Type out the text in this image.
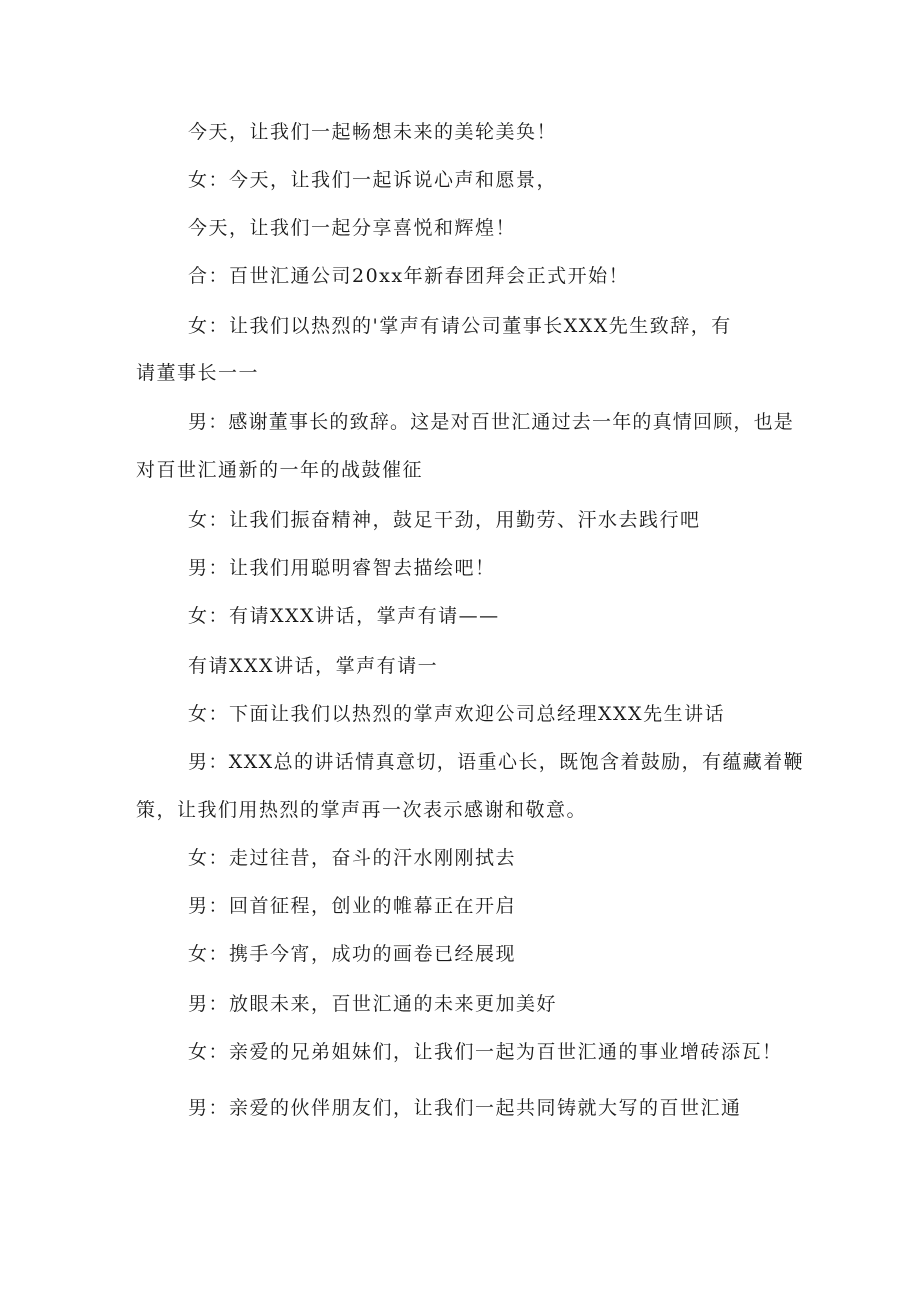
今天，让我们一起畅想未来的美轮美奂！
女：今天，让我们一起诉说心声和愿景，
今天，让我们一起分享喜悦和辉煌！
合：百世汇通公司20xx年新春团拜会正式开始！
女：让我们以热烈的'掌声有请公司董事长XXX先生致辞，有
请董事长一一
男：感谢董事长的致辞。这是对百世汇通过去一年的真情回顾，也是
对百世汇通新的一年的战鼓催征
女：让我们振奋精神，鼓足干劲，用勤劳、汗水去践行吧
男：让我们用聪明睿智去描绘吧！
女：有请XXX讲话，掌声有请——
有请XXX讲话，掌声有请一
女：下面让我们以热烈的掌声欢迎公司总经理XXX先生讲话
男：XXX总的讲话情真意切，语重心长，既饱含着鼓励，有蕴藏着鞭
策，让我们用热烈的掌声再一次表示感谢和敬意。
女：走过往昔，奋斗的汗水刚刚拭去
男：回首征程，创业的帷幕正在开启
女：携手今宵，成功的画卷已经展现
男：放眼未来，百世汇通的未来更加美好
女：亲爱的兄弟姐妹们，让我们一起为百世汇通的事业增砖添瓦！
男：亲爱的伙伴朋友们，让我们一起共同铸就大写的百世汇通
